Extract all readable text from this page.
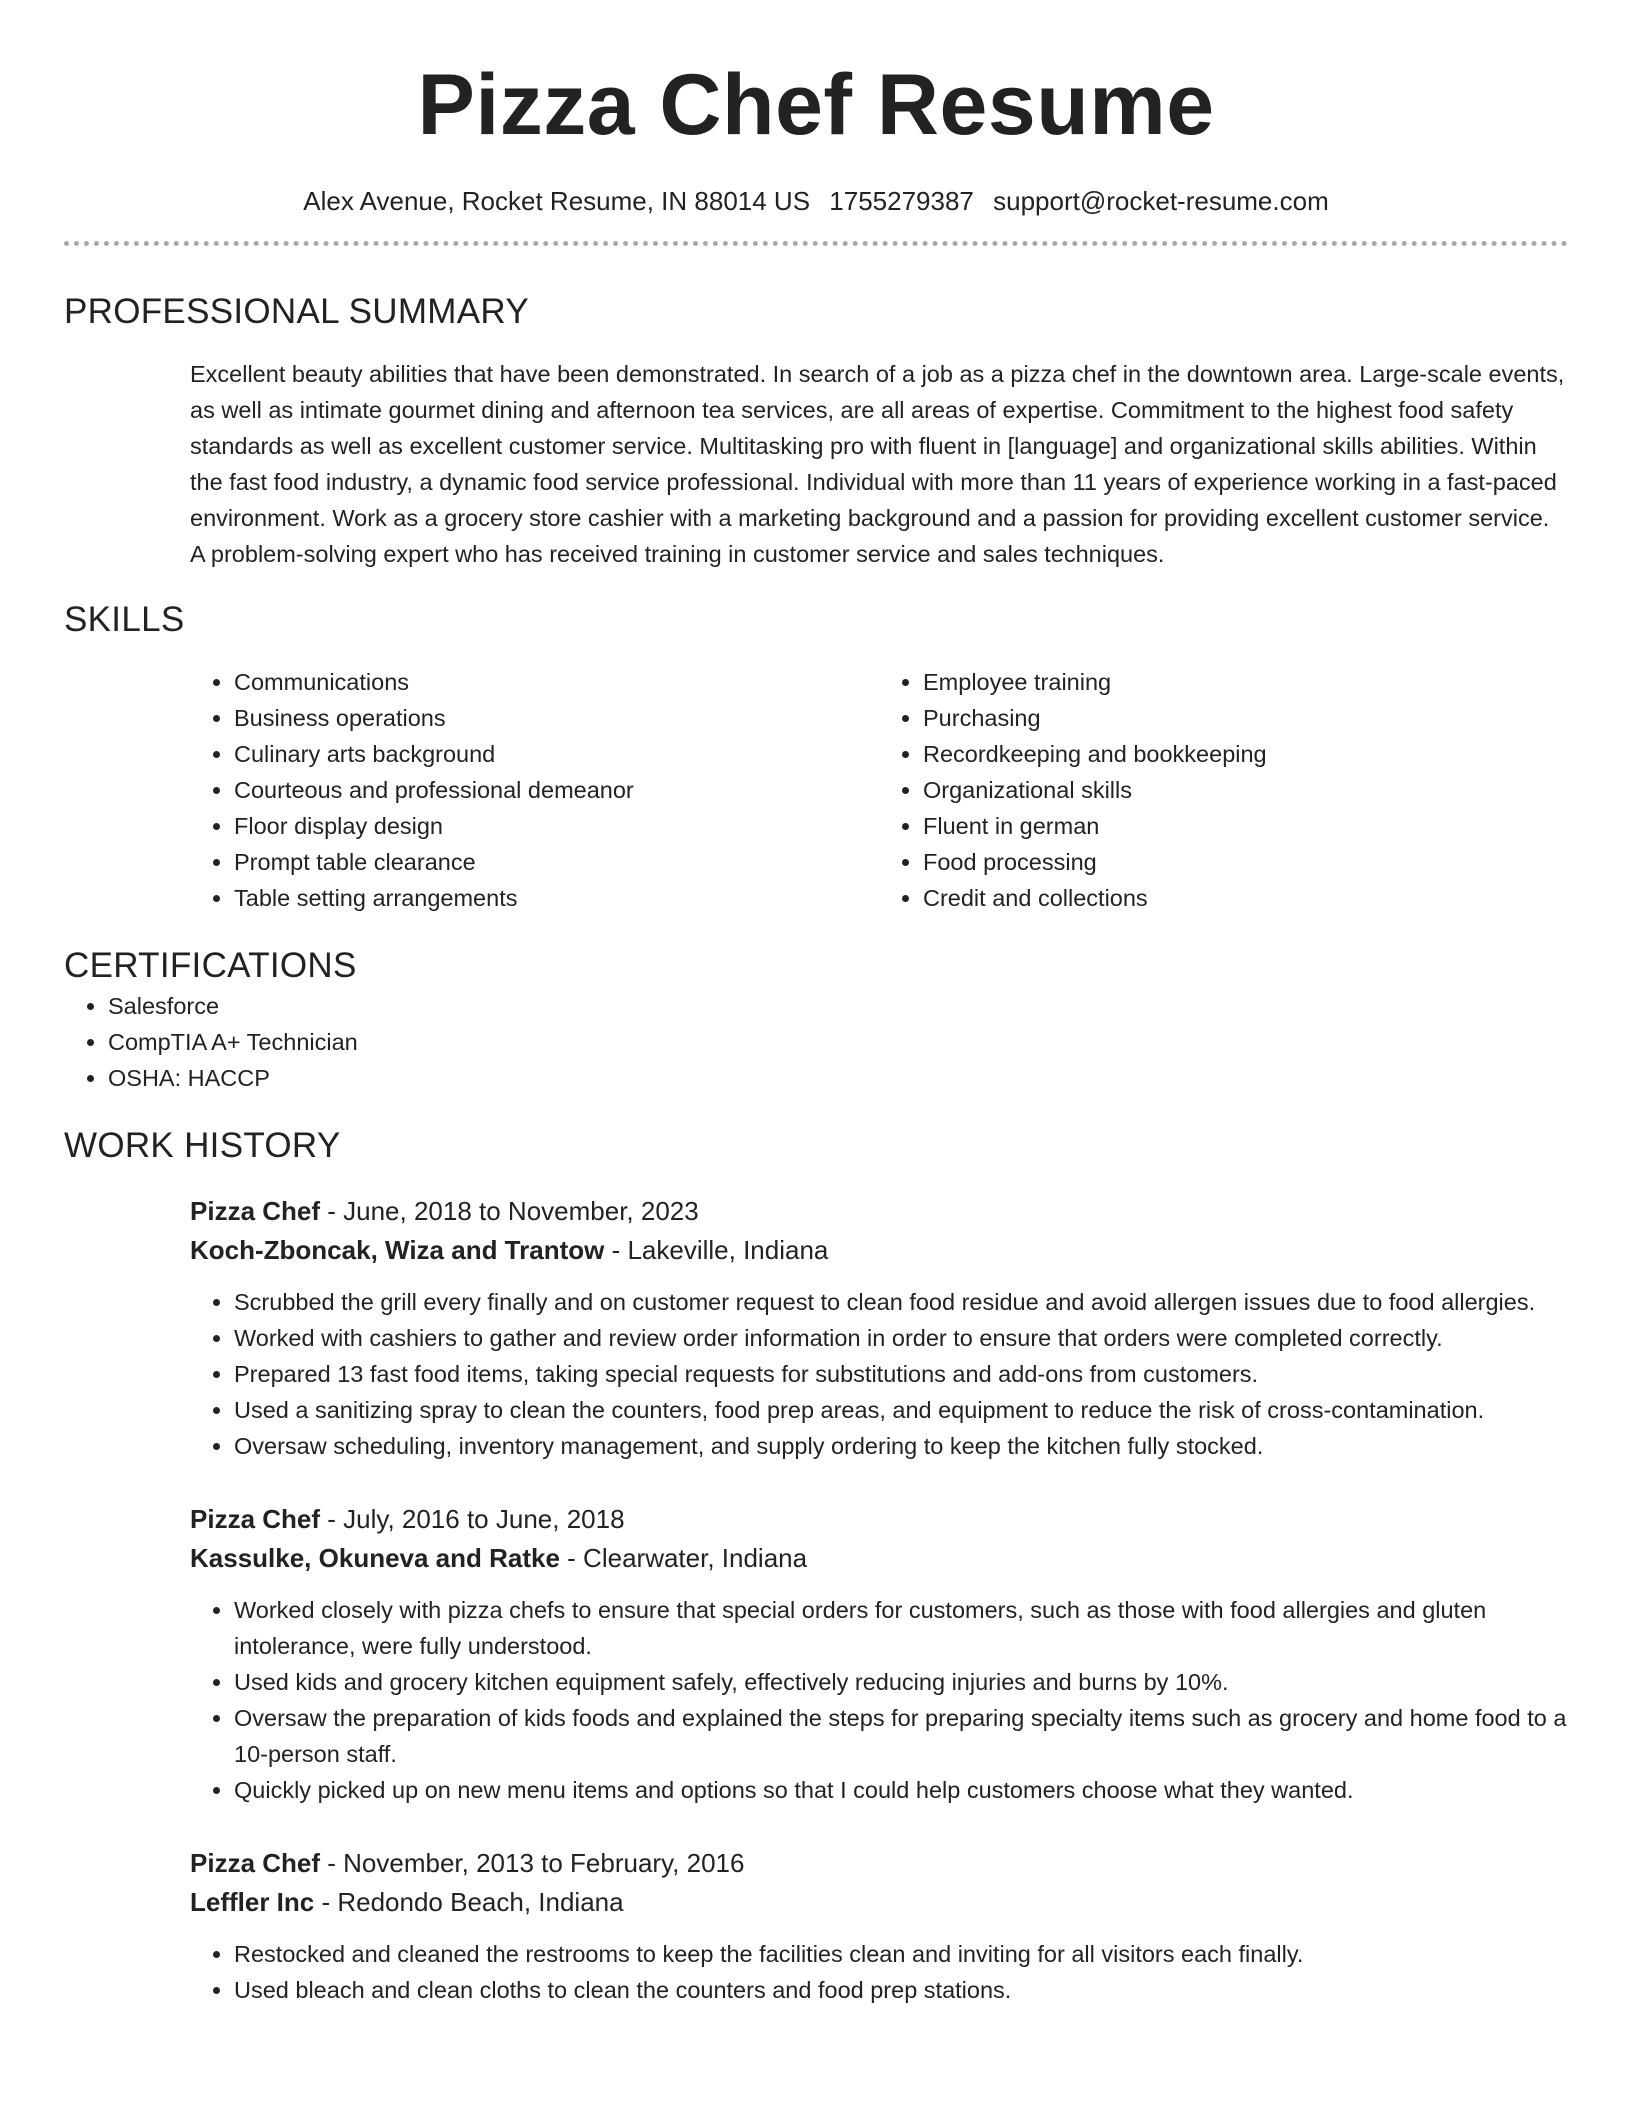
Pizza Chef Resume
Alex Avenue, Rocket Resume, IN 88014 US 1755279387 support@rocket-resume.com
PROFESSIONAL SUMMARY

Excellent beauty abilities that have been demonstrated. In search of a job as a pizza chef in the downtown area. Large-scale events, as well as intimate gourmet dining and afternoon tea services, are all areas of expertise. Commitment to the highest food safety standards as well as excellent customer service. Multitasking pro with fluent in [language] and organizational skills abilities. Within the fast food industry, a dynamic food service professional. Individual with more than 11 years of experience working in a fast-paced environment. Work as a grocery store cashier with a marketing background and a passion for providing excellent customer service. A problem-solving expert who has received training in customer service and sales techniques.

SKILLS
• Communications
• Business operations
• Culinary arts background
• Courteous and professional demeanor
• Floor display design
• Prompt table clearance
• Table setting arrangements
• Employee training
• Purchasing
• Recordkeeping and bookkeeping
• Organizational skills
• Fluent in german
• Food processing
• Credit and collections
CERTIFICATIONS
• Salesforce
• CompTIA A+ Technician
• OSHA: HACCP
WORK HISTORY
Pizza Chef - June, 2018 to November, 2023
Koch-Zboncak, Wiza and Trantow - Lakeville, Indiana
• Scrubbed the grill every finally and on customer request to clean food residue and avoid allergen issues due to food allergies.
• Worked with cashiers to gather and review order information in order to ensure that orders were completed correctly.
• Prepared 13 fast food items, taking special requests for substitutions and add-ons from customers.
• Used a sanitizing spray to clean the counters, food prep areas, and equipment to reduce the risk of cross-contamination.
• Oversaw scheduling, inventory management, and supply ordering to keep the kitchen fully stocked.
Pizza Chef - July, 2016 to June, 2018
Kassulke, Okuneva and Ratke - Clearwater, Indiana
• Worked closely with pizza chefs to ensure that special orders for customers, such as those with food allergies and gluten intolerance, were fully understood.
• Used kids and grocery kitchen equipment safely, effectively reducing injuries and burns by 10%.
• Oversaw the preparation of kids foods and explained the steps for preparing specialty items such as grocery and home food to a 10-person staff.
• Quickly picked up on new menu items and options so that I could help customers choose what they wanted.
Pizza Chef - November, 2013 to February, 2016
Leffler Inc - Redondo Beach, Indiana
• Restocked and cleaned the restrooms to keep the facilities clean and inviting for all visitors each finally.
• Used bleach and clean cloths to clean the counters and food prep stations.
